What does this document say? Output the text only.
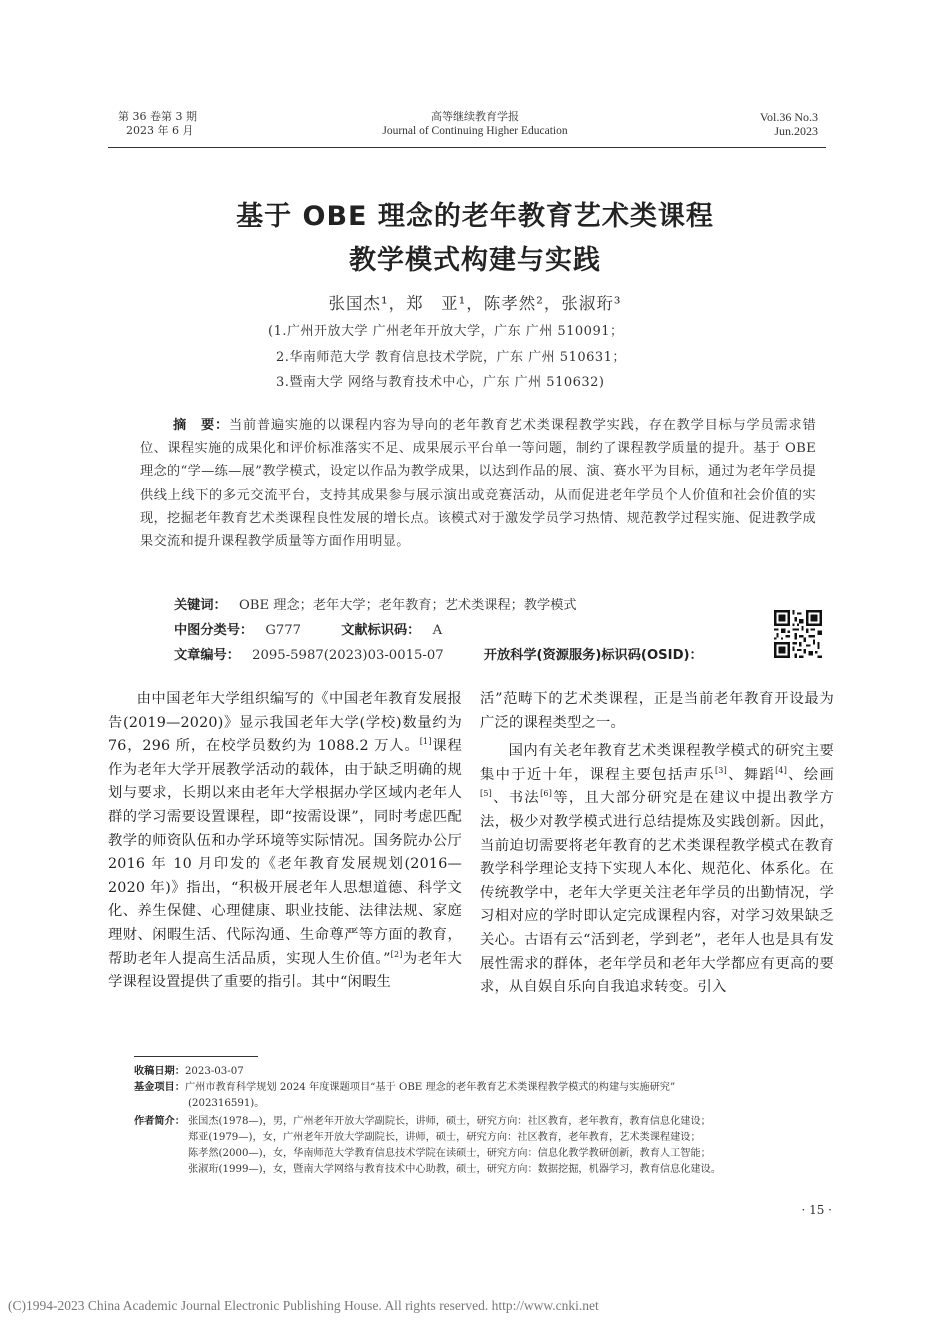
第 36 卷第 3 期
2023 年 6 月
高等继续教育学报
Journal of Continuing Higher Education
Vol.36 No.3
Jun.2023
基于 OBE 理念的老年教育艺术类课程
教学模式构建与实践
张国杰¹，郑　亚¹，陈孝然²，张淑珩³
(1.广州开放大学 广州老年开放大学，广东 广州 510091；
2.华南师范大学 教育信息技术学院，广东 广州 510631；
3.暨南大学 网络与教育技术中心，广东 广州 510632)
摘　要：当前普遍实施的以课程内容为导向的老年教育艺术类课程教学实践，存在教学目标与学员需求错位、课程实施的成果化和评价标准落实不足、成果展示平台单一等问题，制约了课程教学质量的提升。基于 OBE 理念的“学—练—展”教学模式，设定以作品为教学成果，以达到作品的展、演、赛水平为目标，通过为老年学员提供线上线下的多元交流平台，支持其成果参与展示演出或竞赛活动，从而促进老年学员个人价值和社会价值的实现，挖掘老年教育艺术类课程良性发展的增长点。该模式对于激发学员学习热情、规范教学过程实施、促进教学成果交流和提升课程教学质量等方面作用明显。
关键词： OBE 理念；老年大学；老年教育；艺术类课程；教学模式
中图分类号： G777	文献标识码： A
文章编号： 2095-5987(2023)03-0015-07	开放科学(资源服务)标识码(OSID)：

由中国老年大学组织编写的《中国老年教育发展报告(2019—2020)》显示我国老年大学(学校)数量约为 76，296 所，在校学员数约为 1088.2 万人。[1]课程作为老年大学开展教学活动的载体，由于缺乏明确的规划与要求，长期以来由老年大学根据办学区域内老年人群的学习需要设置课程，即“按需设课”，同时考虑匹配教学的师资队伍和办学环境等实际情况。国务院办公厅 2016 年 10 月印发的《老年教育发展规划(2016—2020 年)》指出，“积极开展老年人思想道德、科学文化、养生保健、心理健康、职业技能、法律法规、家庭理财、闲暇生活、代际沟通、生命尊严等方面的教育，帮助老年人提高生活品质，实现人生价值。”[2]为老年大学课程设置提供了重要的指引。其中“闲暇生

活”范畴下的艺术类课程，正是当前老年教育开设最为广泛的课程类型之一。

国内有关老年教育艺术类课程教学模式的研究主要集中于近十年，课程主要包括声乐[3]、舞蹈[4]、绘画[5]、书法[6]等，且大部分研究是在建议中提出教学方法，极少对教学模式进行总结提炼及实践创新。因此，当前迫切需要将老年教育的艺术类课程教学模式在教育教学科学理论支持下实现人本化、规范化、体系化。在传统教学中，老年大学更关注老年学员的出勤情况，学习相对应的学时即认定完成课程内容，对学习效果缺乏关心。古语有云“活到老，学到老”，老年人也是具有发展性需求的群体，老年学员和老年大学都应有更高的要求，从自娱自乐向自我追求转变。引入

收稿日期：2023-03-07
基金项目：广州市教育科学规划 2024 年度课题项目“基于 OBE 理念的老年教育艺术类课程教学模式的构建与实施研究”
(202316591)。
作者简介： 张国杰(1978—)，男，广州老年开放大学副院长，讲师，硕士，研究方向：社区教育，老年教育，教育信息化建设；
郑亚(1979—)，女，广州老年开放大学副院长，讲师，硕士，研究方向：社区教育，老年教育，艺术类课程建设；
陈孝然(2000—)，女，华南师范大学教育信息技术学院在读硕士，研究方向：信息化教学教研创新，教育人工智能；
张淑珩(1999—)，女，暨南大学网络与教育技术中心助教，硕士，研究方向：数据挖掘，机器学习，教育信息化建设。
· 15 ·
(C)1994-2023 China Academic Journal Electronic Publishing House. All rights reserved. http://www.cnki.net
